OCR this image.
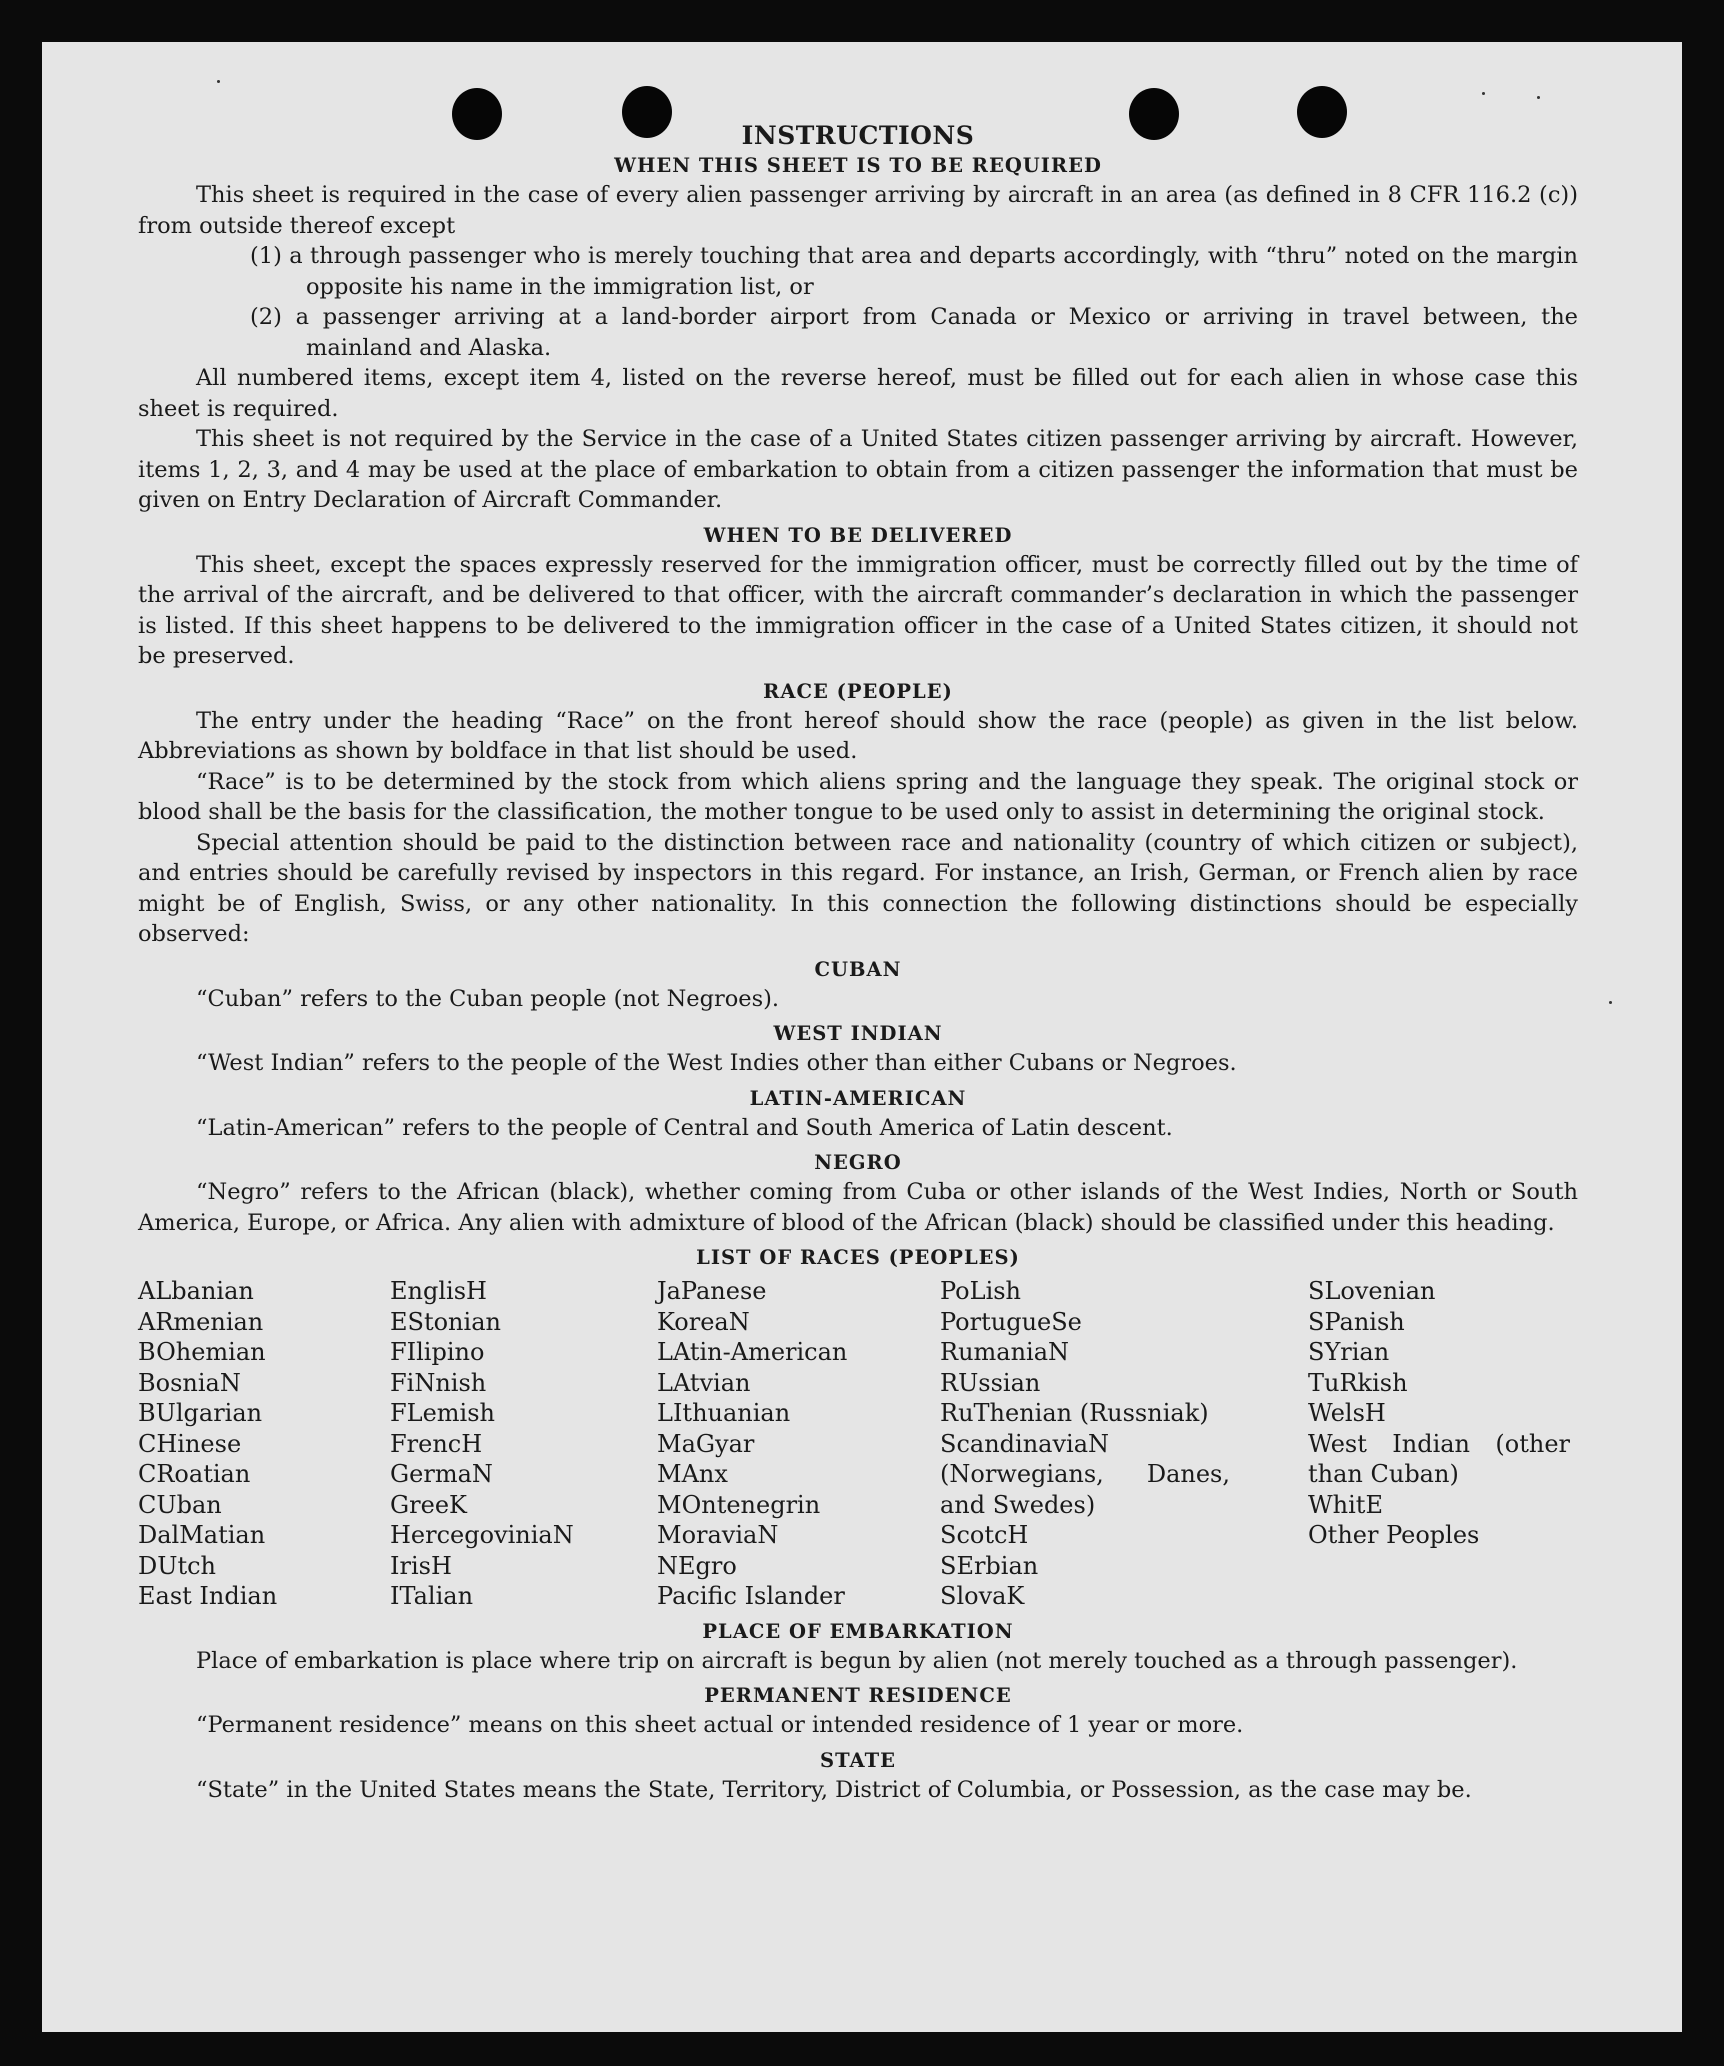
INSTRUCTIONS
WHEN THIS SHEET IS TO BE REQUIRED

This sheet is required in the case of every alien passenger arriving by aircraft in an area (as defined in 8 CFR 116.2 (c)) from outside thereof except

(1) a through passenger who is merely touching that area and departs accordingly, with “thru” noted on the margin opposite his name in the immigration list, or

(2) a passenger arriving at a land-border airport from Canada or Mexico or arriving in travel between, the mainland and Alaska.

All numbered items, except item 4, listed on the reverse hereof, must be filled out for each alien in whose case this sheet is required.

This sheet is not required by the Service in the case of a United States citizen passenger arriving by aircraft. However, items 1, 2, 3, and 4 may be used at the place of embarkation to obtain from a citizen passenger the information that must be given on Entry Declaration of Aircraft Commander.

WHEN TO BE DELIVERED

This sheet, except the spaces expressly reserved for the immigration officer, must be correctly filled out by the time of the arrival of the aircraft, and be delivered to that officer, with the aircraft commander’s declaration in which the passenger is listed. If this sheet happens to be delivered to the immigration officer in the case of a United States citizen, it should not be preserved.

RACE (PEOPLE)

The entry under the heading “Race” on the front hereof should show the race (people) as given in the list below. Abbreviations as shown by boldface in that list should be used.

“Race” is to be determined by the stock from which aliens spring and the language they speak. The original stock or blood shall be the basis for the classification, the mother tongue to be used only to assist in determining the original stock.

Special attention should be paid to the distinction between race and nationality (country of which citizen or subject), and entries should be carefully revised by inspectors in this regard. For instance, an Irish, German, or French alien by race might be of English, Swiss, or any other nationality. In this connection the following distinctions should be especially observed:

CUBAN

“Cuban” refers to the Cuban people (not Negroes).

WEST INDIAN

“West Indian” refers to the people of the West Indies other than either Cubans or Negroes.

LATIN-AMERICAN

“Latin-American” refers to the people of Central and South America of Latin descent.

NEGRO

“Negro” refers to the African (black), whether coming from Cuba or other islands of the West Indies, North or South America, Europe, or Africa. Any alien with admixture of blood of the African (black) should be classified under this heading.

LIST OF RACES (PEOPLES)
ALbanian
ARmenian
BOhemian
BosniaN
BUlgarian
CHinese
CRoatian
CUban
DalMatian
DUtch
East Indian
EnglisH
EStonian
FIlipino
FiNnish
FLemish
FrencH
GermaN
GreeK
HercegoviniaN
IrisH
ITalian
JaPanese
KoreaN
LAtin-American
LAtvian
LIthuanian
MaGyar
MAnx
MOntenegrin
MoraviaN
NEgro
Pacific Islander
PoLish
PortugueSe
RumaniaN
RUssian
RuThenian (Russniak)
ScandinaviaN (Norwegians, Danes, and Swedes)
ScotcH
SErbian
SlovaK
SLovenian
SPanish
SYrian
TuRkish
WelsH
West Indian (other than Cuban)
WhitE
Other Peoples
PLACE OF EMBARKATION

Place of embarkation is place where trip on aircraft is begun by alien (not merely touched as a through passenger).

PERMANENT RESIDENCE

“Permanent residence” means on this sheet actual or intended residence of 1 year or more.

STATE

“State” in the United States means the State, Territory, District of Columbia, or Possession, as the case may be.
